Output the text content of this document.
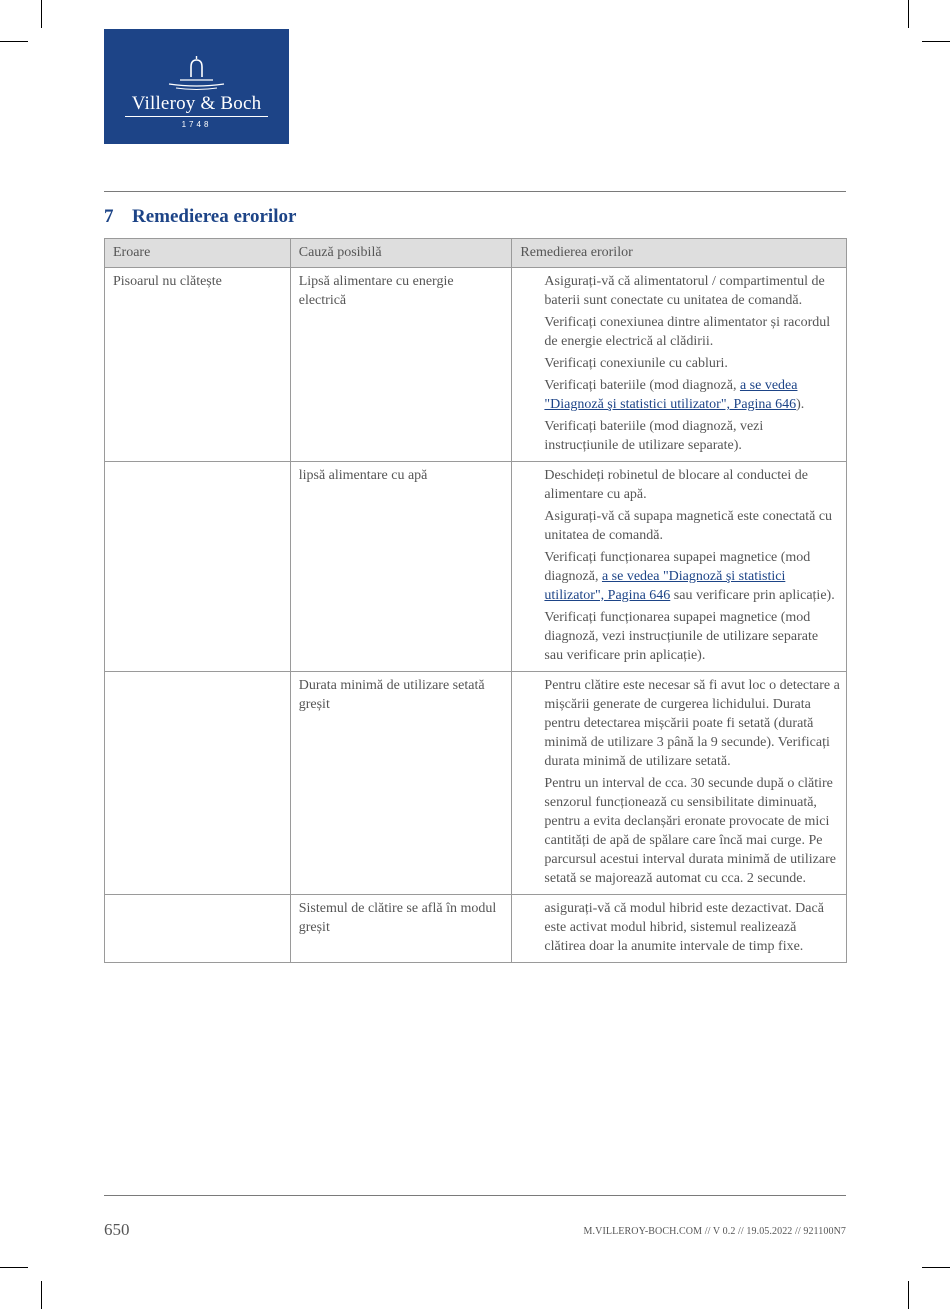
Villeroy & Boch
1748
7 Remedierea erorilor
Eroare	Cauză posibilă	Remedierea erorilor
Pisoarul nu clătește	Lipsă alimentare cu energie electrică	Asigurați-vă că alimentatorul / compartimentul de baterii sunt conectate cu unitatea de comandă.

Verificați conexiunea dintre alimentator și racordul de energie electrică al clădirii.

Verificați conexiunile cu cabluri.

Verificați bateriile (mod diagnoză, a se vedea "Diagnoză şi statistici utilizator", Pagina 646).

Verificați bateriile (mod diagnoză, vezi instrucțiunile de utilizare separate).

	lipsă alimentare cu apă	Deschideți robinetul de blocare al conductei de alimentare cu apă.

Asigurați-vă că supapa magnetică este conectată cu unitatea de comandă.

Verificați funcționarea supapei magnetice (mod diagnoză, a se vedea "Diagnoză şi statistici utilizator", Pagina 646 sau verificare prin aplicație).

Verificați funcționarea supapei magnetice (mod diagnoză, vezi instrucțiunile de utilizare separate sau verificare prin aplicație).

	Durata minimă de utilizare setată greșit	Pentru clătire este necesar să fi avut loc o detectare a mișcării generate de curgerea lichidului. Durata pentru detectarea mișcării poate fi setată (durată minimă de utilizare 3 până la 9 secunde). Verificați durata minimă de utilizare setată.

Pentru un interval de cca. 30 secunde după o clătire senzorul funcționează cu sensibilitate diminuată, pentru a evita declanșări eronate provocate de mici cantități de apă de spălare care încă mai curge. Pe parcursul acestui interval durata minimă de utilizare setată se majorează automat cu cca. 2 secunde.

	Sistemul de clătire se află în modul greșit	asigurați-vă că modul hibrid este dezactivat. Dacă este activat modul hibrid, sistemul realizează clătirea doar la anumite intervale de timp fixe.

650	M.VILLEROY-BOCH.COM // V 0.2 // 19.05.2022 // 921100N7
